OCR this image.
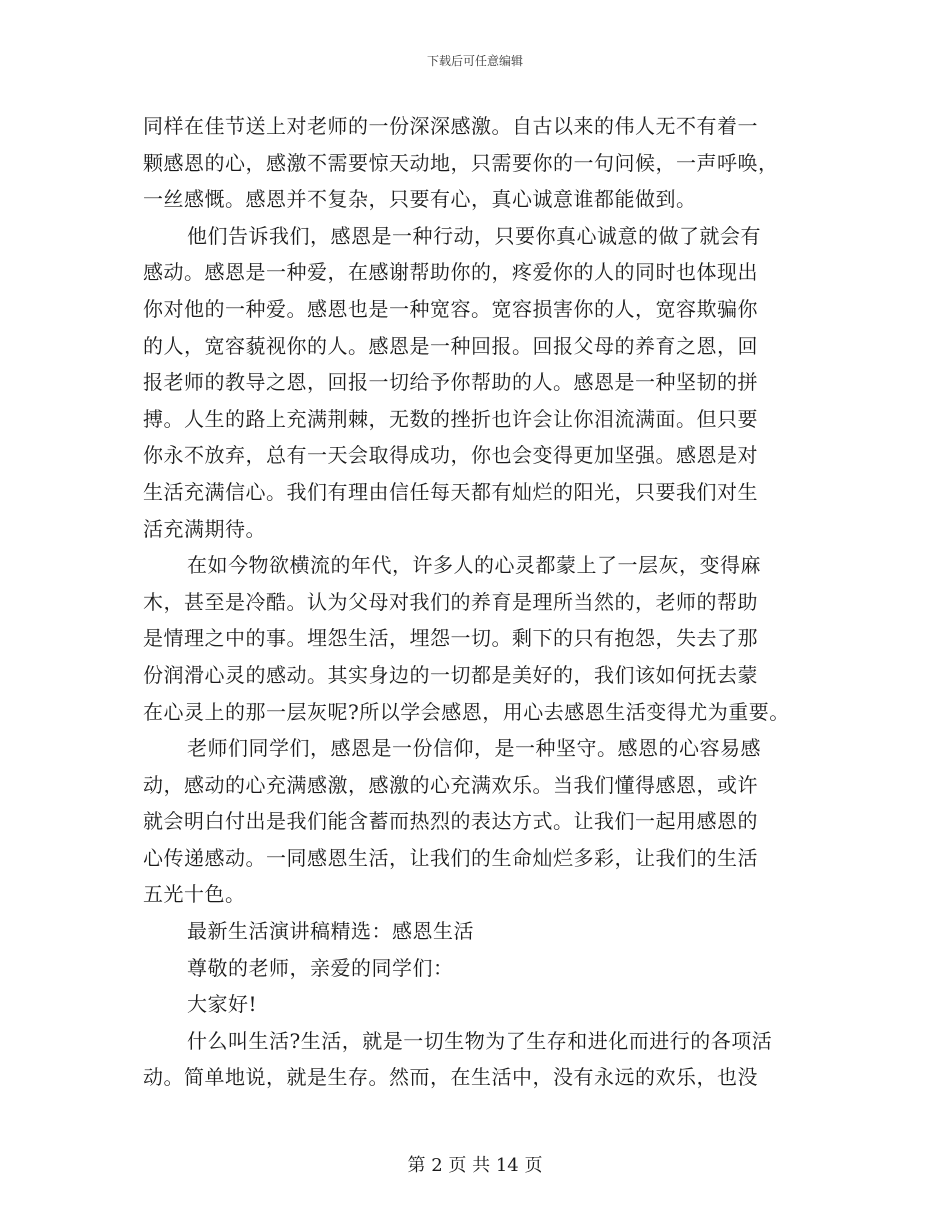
下载后可任意编辑
同样在佳节送上对老师的一份深深感激。自古以来的伟人无不有着一
颗感恩的心，感激不需要惊天动地，只需要你的一句问候，一声呼唤，
一丝感慨。感恩并不复杂，只要有心，真心诚意谁都能做到。
他们告诉我们，感恩是一种行动，只要你真心诚意的做了就会有
感动。感恩是一种爱，在感谢帮助你的，疼爱你的人的同时也体现出
你对他的一种爱。感恩也是一种宽容。宽容损害你的人，宽容欺骗你
的人，宽容藐视你的人。感恩是一种回报。回报父母的养育之恩，回
报老师的教导之恩，回报一切给予你帮助的人。感恩是一种坚韧的拼
搏。人生的路上充满荆棘，无数的挫折也许会让你泪流满面。但只要
你永不放弃，总有一天会取得成功，你也会变得更加坚强。感恩是对
生活充满信心。我们有理由信任每天都有灿烂的阳光，只要我们对生
活充满期待。
在如今物欲横流的年代，许多人的心灵都蒙上了一层灰，变得麻
木，甚至是冷酷。认为父母对我们的养育是理所当然的，老师的帮助
是情理之中的事。埋怨生活，埋怨一切。剩下的只有抱怨，失去了那
份润滑心灵的感动。其实身边的一切都是美好的，我们该如何抚去蒙
在心灵上的那一层灰呢?所以学会感恩，用心去感恩生活变得尤为重要。
老师们同学们，感恩是一份信仰，是一种坚守。感恩的心容易感
动，感动的心充满感激，感激的心充满欢乐。当我们懂得感恩，或许
就会明白付出是我们能含蓄而热烈的表达方式。让我们一起用感恩的
心传递感动。一同感恩生活，让我们的生命灿烂多彩，让我们的生活
五光十色。
最新生活演讲稿精选：感恩生活
尊敬的老师，亲爱的同学们：
大家好!
什么叫生活?生活，就是一切生物为了生存和进化而进行的各项活
动。简单地说，就是生存。然而，在生活中，没有永远的欢乐，也没
第 2 页 共 14 页
